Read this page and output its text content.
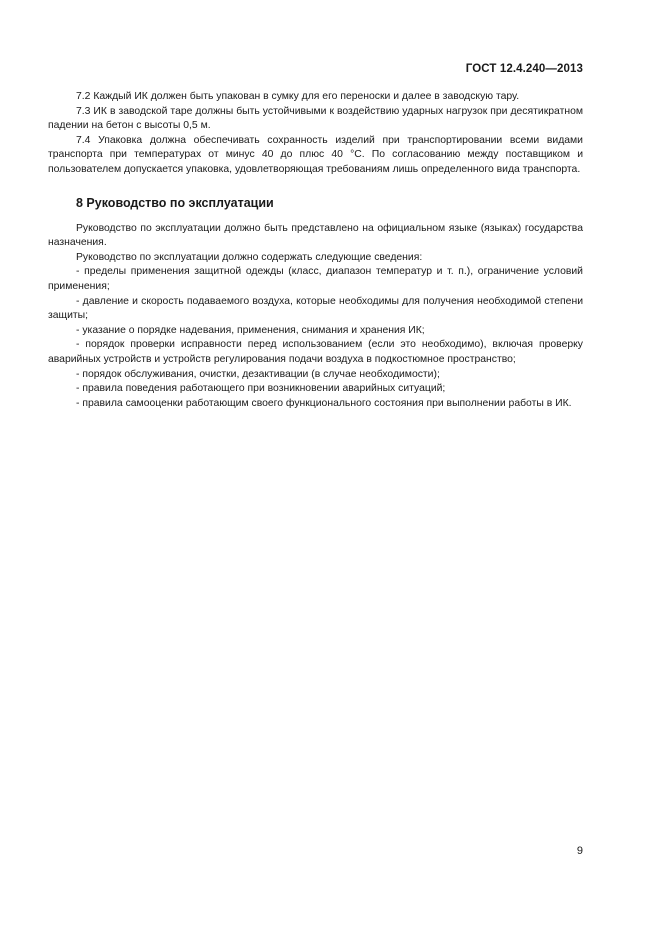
ГОСТ 12.4.240—2013

7.2 Каждый ИК должен быть упакован в сумку для его переноски и далее в заводскую тару.

7.3 ИК в заводской таре должны быть устойчивыми к воздействию ударных нагрузок при десятикратном падении на бетон с высоты 0,5 м.

7.4 Упаковка должна обеспечивать сохранность изделий при транспортировании всеми видами транспорта при температурах от минус 40 до плюс 40 °С. По согласованию между поставщиком и пользователем допускается упаковка, удовлетворяющая требованиям лишь определенного вида транспорта.

8 Руководство по эксплуатации

Руководство по эксплуатации должно быть представлено на официальном языке (языках) государства назначения.

Руководство по эксплуатации должно содержать следующие сведения:

- пределы применения защитной одежды (класс, диапазон температур и т. п.), ограничение условий применения;

- давление и скорость подаваемого воздуха, которые необходимы для получения необходимой степени защиты;

- указание о порядке надевания, применения, снимания и хранения ИК;

- порядок проверки исправности перед использованием (если это необходимо), включая проверку аварийных устройств и устройств регулирования подачи воздуха в подкостюмное пространство;

- порядок обслуживания, очистки, дезактивации (в случае необходимости);

- правила поведения работающего при возникновении аварийных ситуаций;

- правила самооценки работающим своего функционального состояния при выполнении работы в ИК.

9
